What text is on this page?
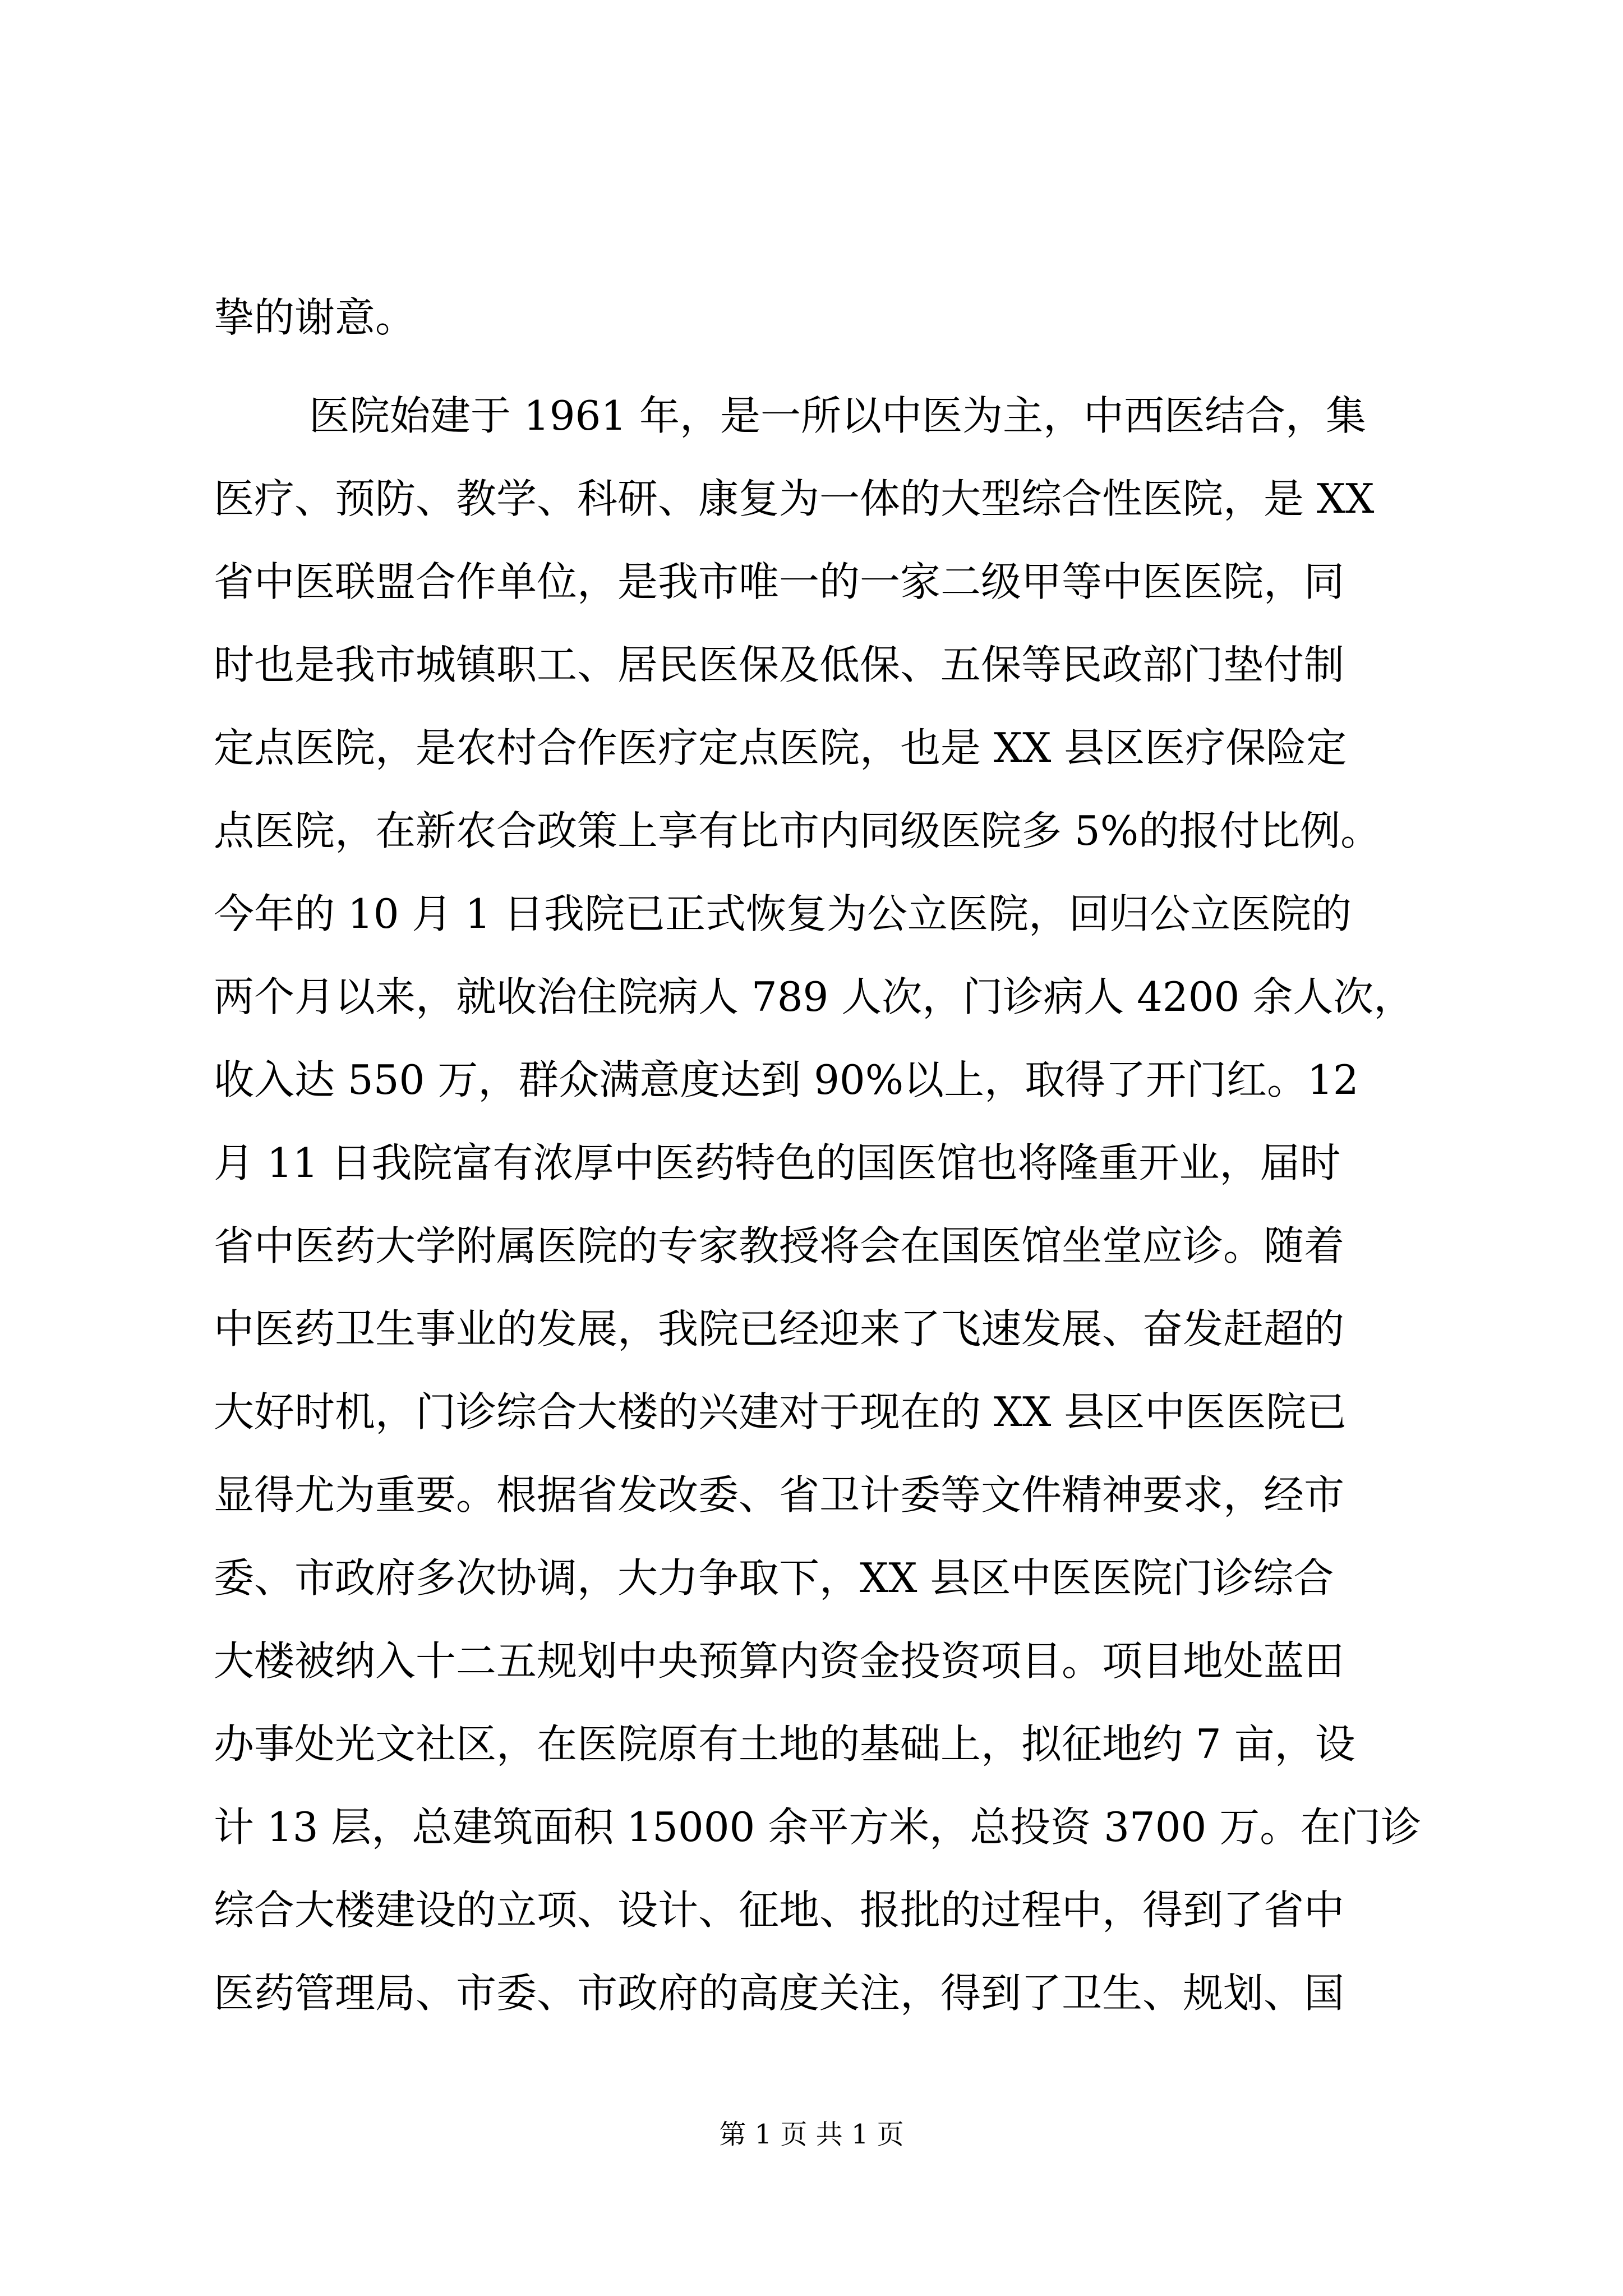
挚的谢意。
医院始建于 1961 年，是一所以中医为主，中西医结合，集
医疗、预防、教学、科研、康复为一体的大型综合性医院，是 XX
省中医联盟合作单位，是我市唯一的一家二级甲等中医医院，同
时也是我市城镇职工、居民医保及低保、五保等民政部门垫付制
定点医院，是农村合作医疗定点医院，也是 XX 县区医疗保险定
点医院，在新农合政策上享有比市内同级医院多 5%的报付比例。
今年的 10 月 1 日我院已正式恢复为公立医院，回归公立医院的
两个月以来，就收治住院病人 789 人次，门诊病人 4200 余人次，
收入达 550 万，群众满意度达到 90%以上，取得了开门红。12
月 11 日我院富有浓厚中医药特色的国医馆也将隆重开业，届时
省中医药大学附属医院的专家教授将会在国医馆坐堂应诊。随着
中医药卫生事业的发展，我院已经迎来了飞速发展、奋发赶超的
大好时机，门诊综合大楼的兴建对于现在的 XX 县区中医医院已
显得尤为重要。根据省发改委、省卫计委等文件精神要求，经市
委、市政府多次协调，大力争取下，XX 县区中医医院门诊综合
大楼被纳入十二五规划中央预算内资金投资项目。项目地处蓝田
办事处光文社区，在医院原有土地的基础上，拟征地约 7 亩，设
计 13 层，总建筑面积 15000 余平方米，总投资 3700 万。在门诊
综合大楼建设的立项、设计、征地、报批的过程中，得到了省中
医药管理局、市委、市政府的高度关注，得到了卫生、规划、国
第 1 页 共 1 页
